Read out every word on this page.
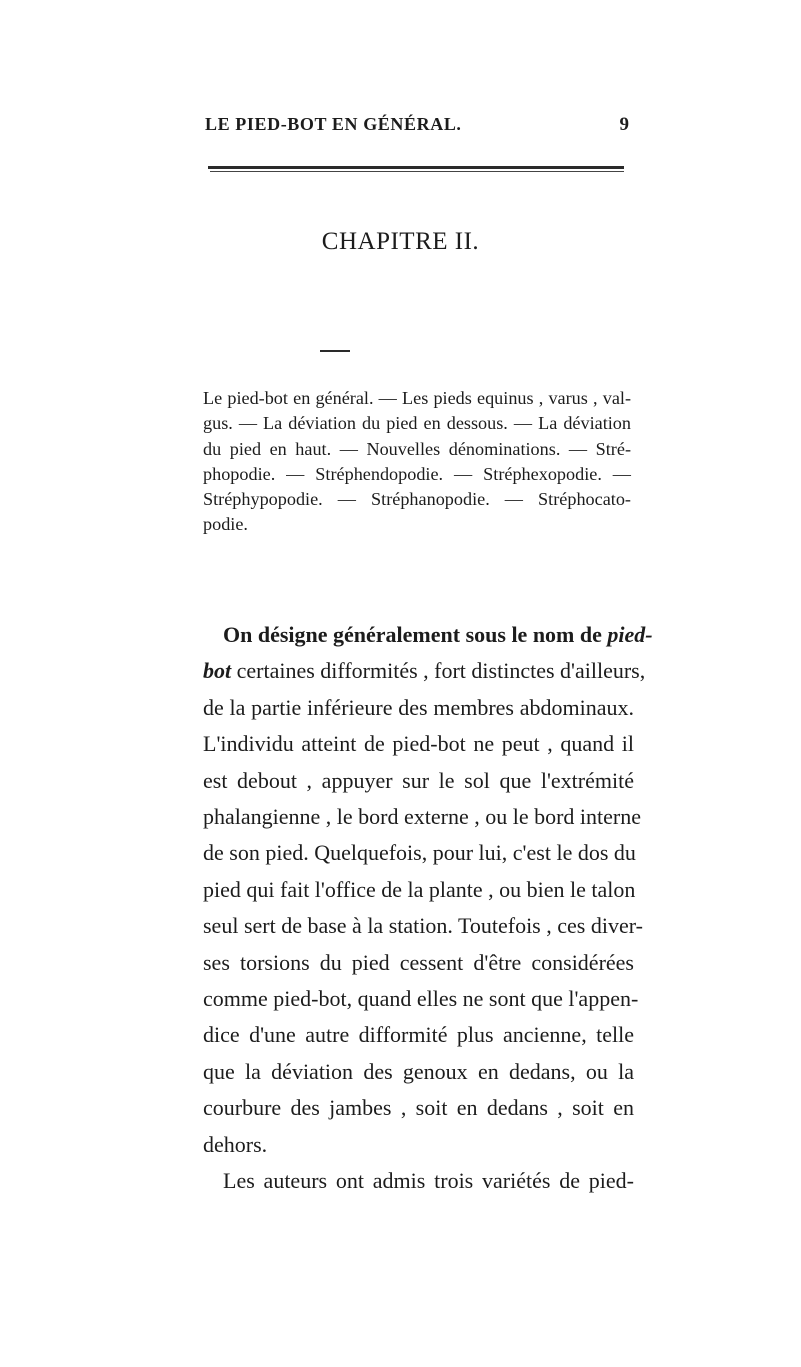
LE PIED-BOT EN GÉNÉRAL.	9
CHAPITRE II.
Le pied-bot en général. — Les pieds equinus , varus , val-
gus. — La déviation du pied en dessous. — La déviation
du pied en haut. — Nouvelles dénominations. — Stré-
phopodie. — Stréphendopodie. — Stréphexopodie. —
Stréphypopodie. — Stréphanopodie. — Stréphocato-
podie.
On désigne généralement sous le nom de pied-
bot certaines difformités , fort distinctes d'ailleurs,
de la partie inférieure des membres abdominaux.
L'individu atteint de pied-bot ne peut , quand il
est debout , appuyer sur le sol que l'extrémité
phalangienne , le bord externe , ou le bord interne
de son pied. Quelquefois, pour lui, c'est le dos du
pied qui fait l'office de la plante , ou bien le talon
seul sert de base à la station. Toutefois , ces diver-
ses torsions du pied cessent d'être considérées
comme pied-bot, quand elles ne sont que l'appen-
dice d'une autre difformité plus ancienne, telle
que la déviation des genoux en dedans, ou la
courbure des jambes , soit en dedans , soit en
dehors.
Les auteurs ont admis trois variétés de pied-
